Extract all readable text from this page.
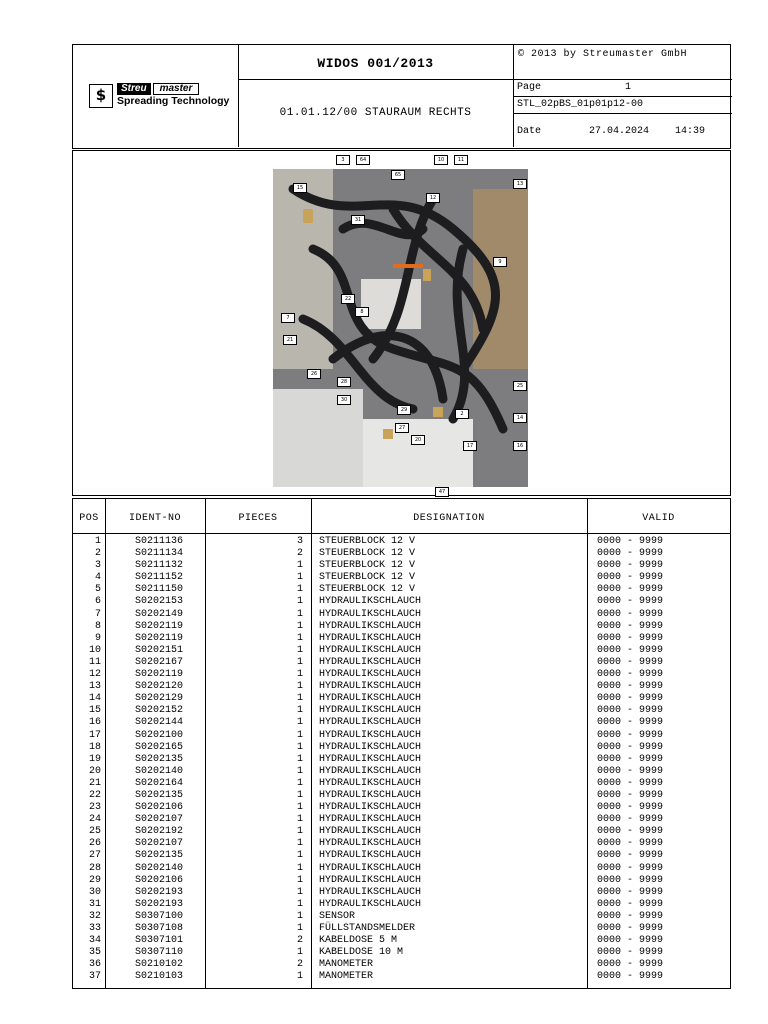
$	Streu	master
Spreading Technology
WIDOS 001/2013
01.01.12/00 STAURAUM RECHTS
© 2013 by Streumaster GmbH
Page	1
STL_02pBS_01p01p12-00
Date	27.04.2024	14:39
3	64	10	11
65
13
15
12
31
9
22
8
7
21
26
28
30
2
27
25
17	16
14
29
20
47
POS	IDENT-NO	PIECES	DESIGNATION	VALID
1	S0211136	3 STEUERBLOCK 12 V	0000 - 9999
2	S0211134	2 STEUERBLOCK 12 V	0000 - 9999
3	S0211132	1 STEUERBLOCK 12 V	0000 - 9999
4	S0211152	1 STEUERBLOCK 12 V	0000 - 9999
5	S0211150	1 STEUERBLOCK 12 V	0000 - 9999
6	S0202153	1 HYDRAULIKSCHLAUCH	0000 - 9999
7	S0202149	1 HYDRAULIKSCHLAUCH	0000 - 9999
8	S0202119	1 HYDRAULIKSCHLAUCH	0000 - 9999
9	S0202119	1 HYDRAULIKSCHLAUCH	0000 - 9999
10	S0202151	1 HYDRAULIKSCHLAUCH	0000 - 9999
11	S0202167	1 HYDRAULIKSCHLAUCH	0000 - 9999
12	S0202119	1 HYDRAULIKSCHLAUCH	0000 - 9999
13	S0202120	1 HYDRAULIKSCHLAUCH	0000 - 9999
14	S0202129	1 HYDRAULIKSCHLAUCH	0000 - 9999
15	S0202152	1 HYDRAULIKSCHLAUCH	0000 - 9999
16	S0202144	1 HYDRAULIKSCHLAUCH	0000 - 9999
17	S0202100	1 HYDRAULIKSCHLAUCH	0000 - 9999
18	S0202165	1 HYDRAULIKSCHLAUCH	0000 - 9999
19	S0202135	1 HYDRAULIKSCHLAUCH	0000 - 9999
20	S0202140	1 HYDRAULIKSCHLAUCH	0000 - 9999
21	S0202164	1 HYDRAULIKSCHLAUCH	0000 - 9999
22	S0202135	1 HYDRAULIKSCHLAUCH	0000 - 9999
23	S0202106	1 HYDRAULIKSCHLAUCH	0000 - 9999
24	S0202107	1 HYDRAULIKSCHLAUCH	0000 - 9999
25	S0202192	1 HYDRAULIKSCHLAUCH	0000 - 9999
26	S0202107	1 HYDRAULIKSCHLAUCH	0000 - 9999
27	S0202135	1 HYDRAULIKSCHLAUCH	0000 - 9999
28	S0202140	1 HYDRAULIKSCHLAUCH	0000 - 9999
29	S0202106	1 HYDRAULIKSCHLAUCH	0000 - 9999
30	S0202193	1 HYDRAULIKSCHLAUCH	0000 - 9999
31	S0202193	1 HYDRAULIKSCHLAUCH	0000 - 9999
32	S0307100	1 SENSOR	0000 - 9999
33	S0307108	1 FÜLLSTANDSMELDER	0000 - 9999
34	S0307101	2 KABELDOSE 5 M	0000 - 9999
35	S0307110	1 KABELDOSE 10 M	0000 - 9999
36	S0210102	2 MANOMETER	0000 - 9999
37	S0210103	1 MANOMETER	0000 - 9999
